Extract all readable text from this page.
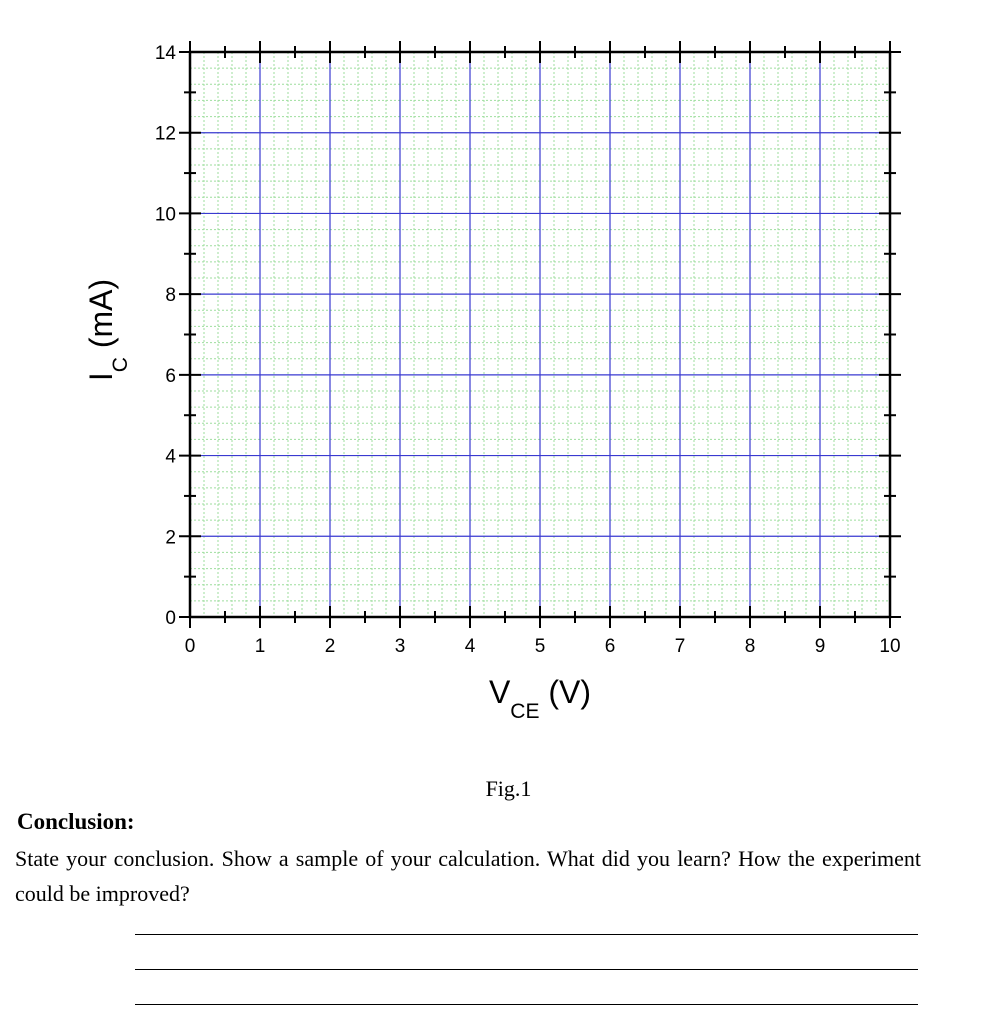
0	1	2	3	4	5	6	7	8	9	10
0
2
4
6
8
10
12
14
$V_{CE}$ (V)
$I_C$ (mA)
Fig.1
Conclusion:
State your conclusion. Show a sample of your calculation. What did you learn? How the experiment could be improved?
